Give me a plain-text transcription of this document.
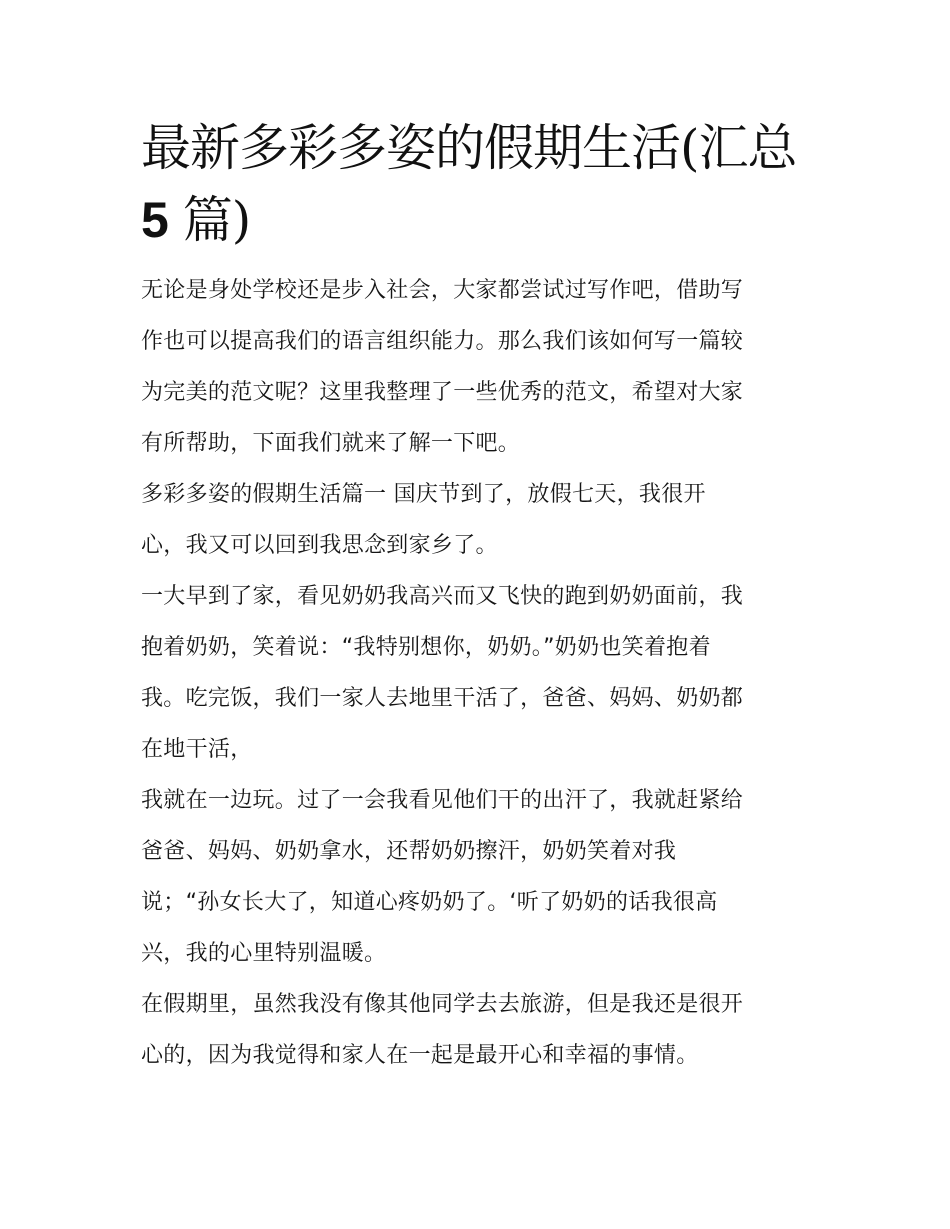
最新多彩多姿的假期生活(汇总
5 篇)

无论是身处学校还是步入社会，大家都尝试过写作吧，借助写
作也可以提高我们的语言组织能力。那么我们该如何写一篇较
为完美的范文呢？这里我整理了一些优秀的范文，希望对大家
有所帮助，下面我们就来了解一下吧。

多彩多姿的假期生活篇一 国庆节到了，放假七天，我很开
心，我又可以回到我思念到家乡了。

一大早到了家，看见奶奶我高兴而又飞快的跑到奶奶面前，我
抱着奶奶，笑着说：“我特别想你，奶奶。”奶奶也笑着抱着
我。吃完饭，我们一家人去地里干活了，爸爸、妈妈、奶奶都
在地干活，

我就在一边玩。过了一会我看见他们干的出汗了，我就赶紧给
爸爸、妈妈、奶奶拿水，还帮奶奶擦汗，奶奶笑着对我
说；“孙女长大了，知道心疼奶奶了。‘听了奶奶的话我很高
兴，我的心里特别温暖。

在假期里，虽然我没有像其他同学去去旅游，但是我还是很开
心的，因为我觉得和家人在一起是最开心和幸福的事情。
